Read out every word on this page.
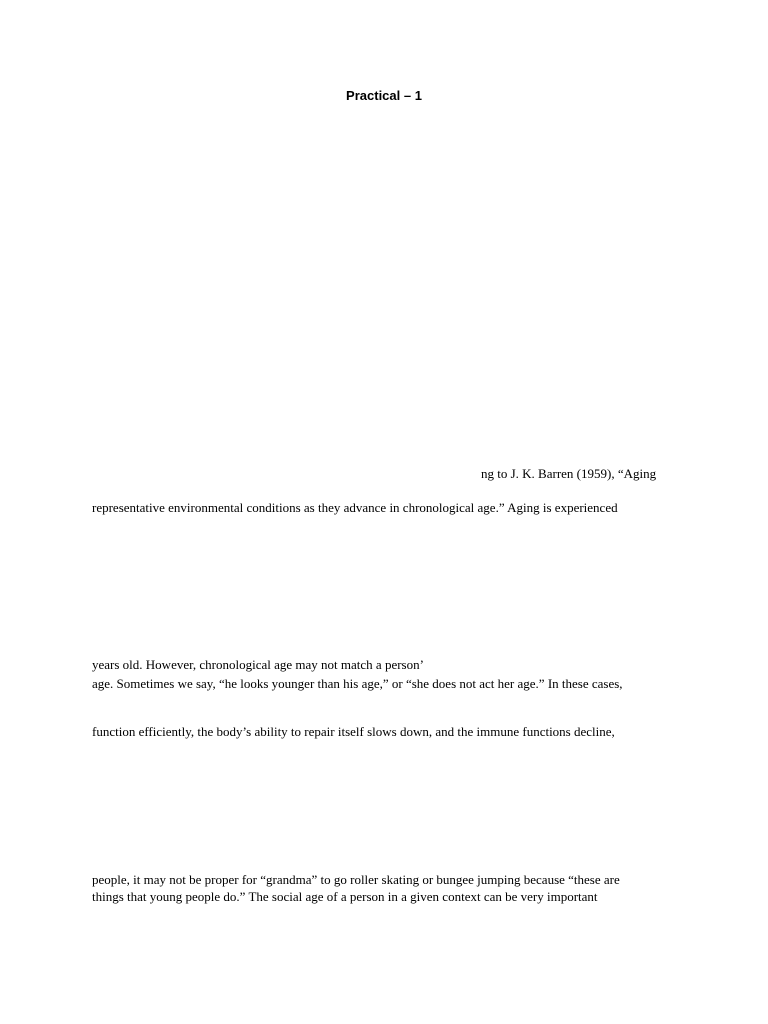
Practical – 1
ng to J. K. Barren (1959), “Aging
representative environmental conditions as they advance in chronological age.” Aging is experienced
years old. However, chronological age may not match a person’
age. Sometimes we say, “he looks younger than his age,” or “she does not act her age.” In these cases,
function efficiently, the body’s ability to repair itself slows down, and the immune functions decline,
people, it may not be proper for “grandma” to go roller skating or bungee jumping because “these are
things that young people do.” The social age of a person in a given context can be very important
